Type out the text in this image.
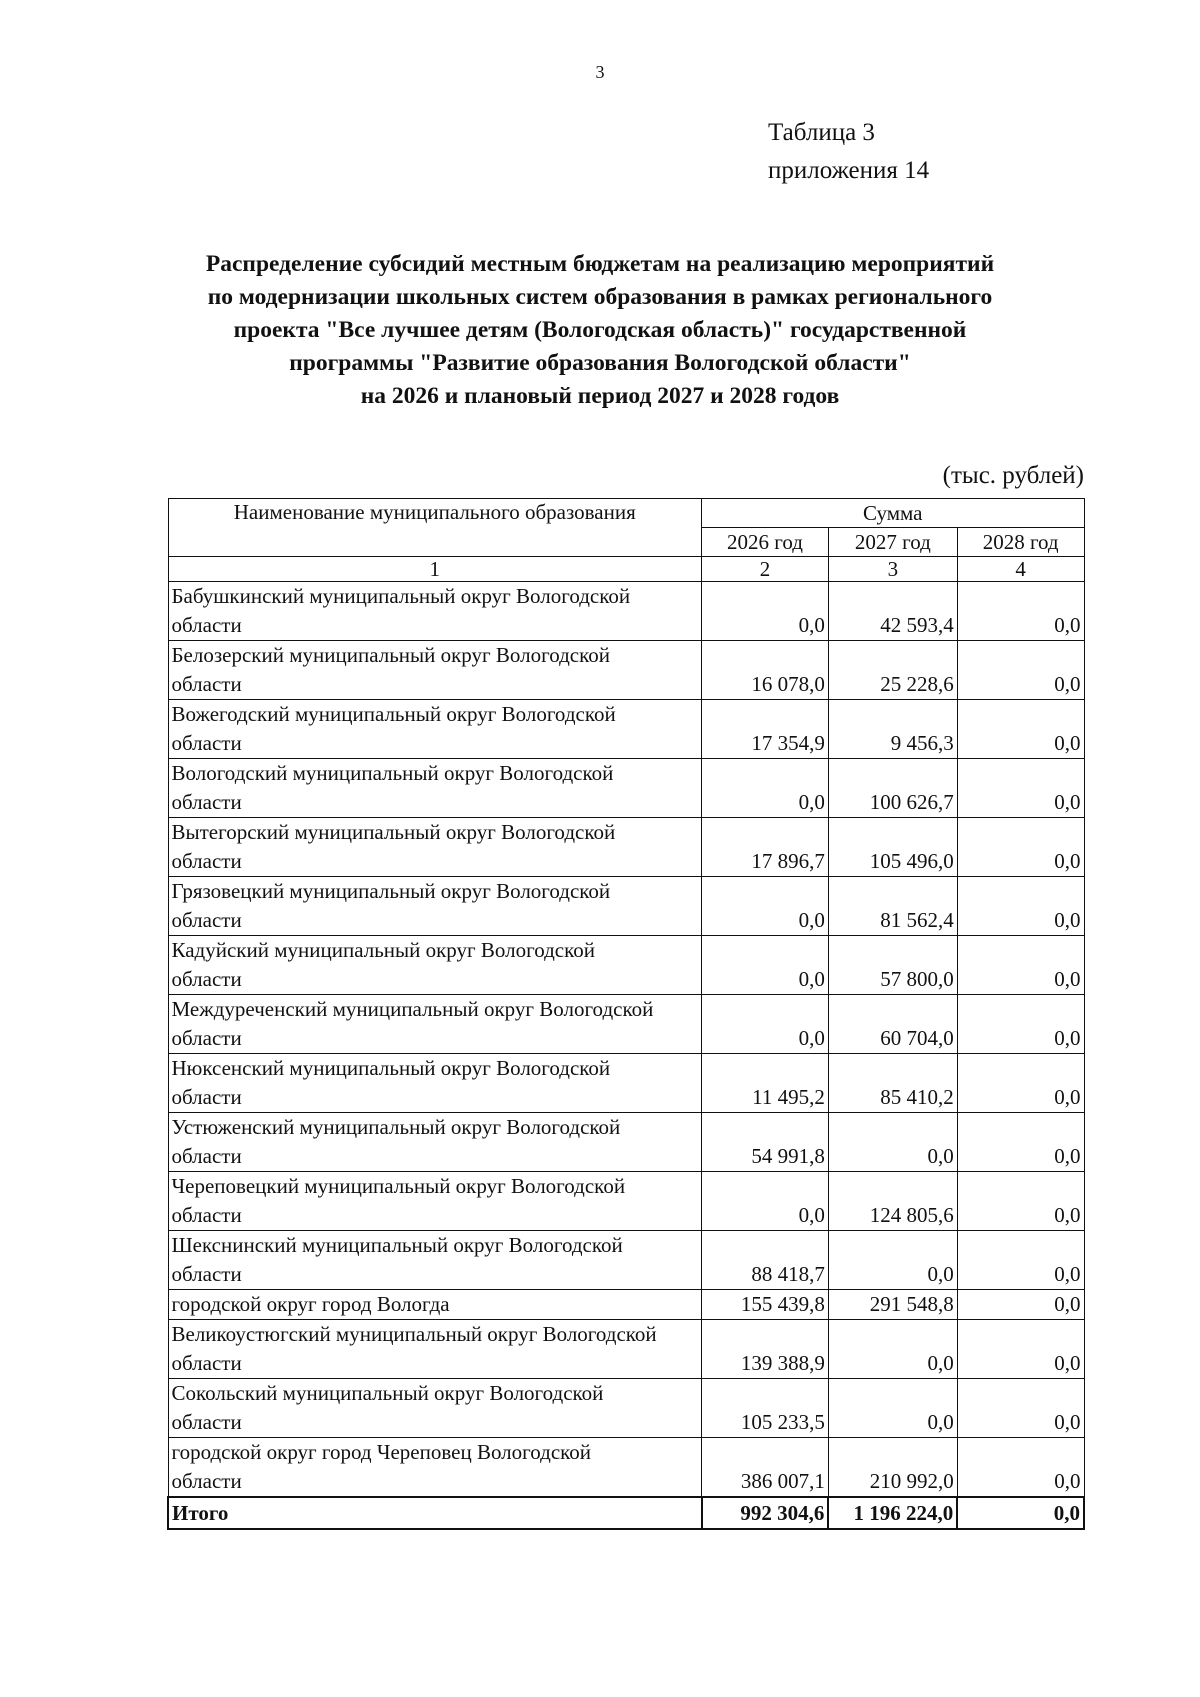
3
Таблица 3
приложения 14
Распределение субсидий местным бюджетам на реализацию мероприятий
по модернизации школьных систем образования в рамках регионального
проекта "Все лучшее детям (Вологодская область)" государственной
программы "Развитие образования Вологодской области"
на 2026 и плановый период 2027 и 2028 годов
(тыс. рублей)
Наименование муниципального образования	Сумма		
	2026 год	2027 год	2028 год
1	2	3	4

Бабушкинский муниципальный округ Вологодской
области	0,0	42 593,4	0,0

Белозерский муниципальный округ Вологодской
области	16 078,0	25 228,6	0,0

Вожегодский муниципальный округ Вологодской
области	17 354,9	9 456,3	0,0

Вологодский муниципальный округ Вологодской
области	0,0	100 626,7	0,0

Вытегорский муниципальный округ Вологодской
области	17 896,7	105 496,0	0,0

Грязовецкий муниципальный округ Вологодской
области	0,0	81 562,4	0,0

Кадуйский муниципальный округ Вологодской
области	0,0	57 800,0	0,0

Междуреченский муниципальный округ Вологодской
области	0,0	60 704,0	0,0

Нюксенский муниципальный округ Вологодской
области	11 495,2	85 410,2	0,0

Устюженский муниципальный округ Вологодской
области	54 991,8	0,0	0,0

Череповецкий муниципальный округ Вологодской
области	0,0	124 805,6	0,0

Шекснинский муниципальный округ Вологодской
области	88 418,7	0,0	0,0

городской округ город Вологда	155 439,8	291 548,8	0,0

Великоустюгский муниципальный округ Вологодской
области	139 388,9	0,0	0,0

Сокольский муниципальный округ Вологодской
области	105 233,5	0,0	0,0

городской округ город Череповец Вологодской
области	386 007,1	210 992,0	0,0
Итого	992 304,6	1 196 224,0	0,0
